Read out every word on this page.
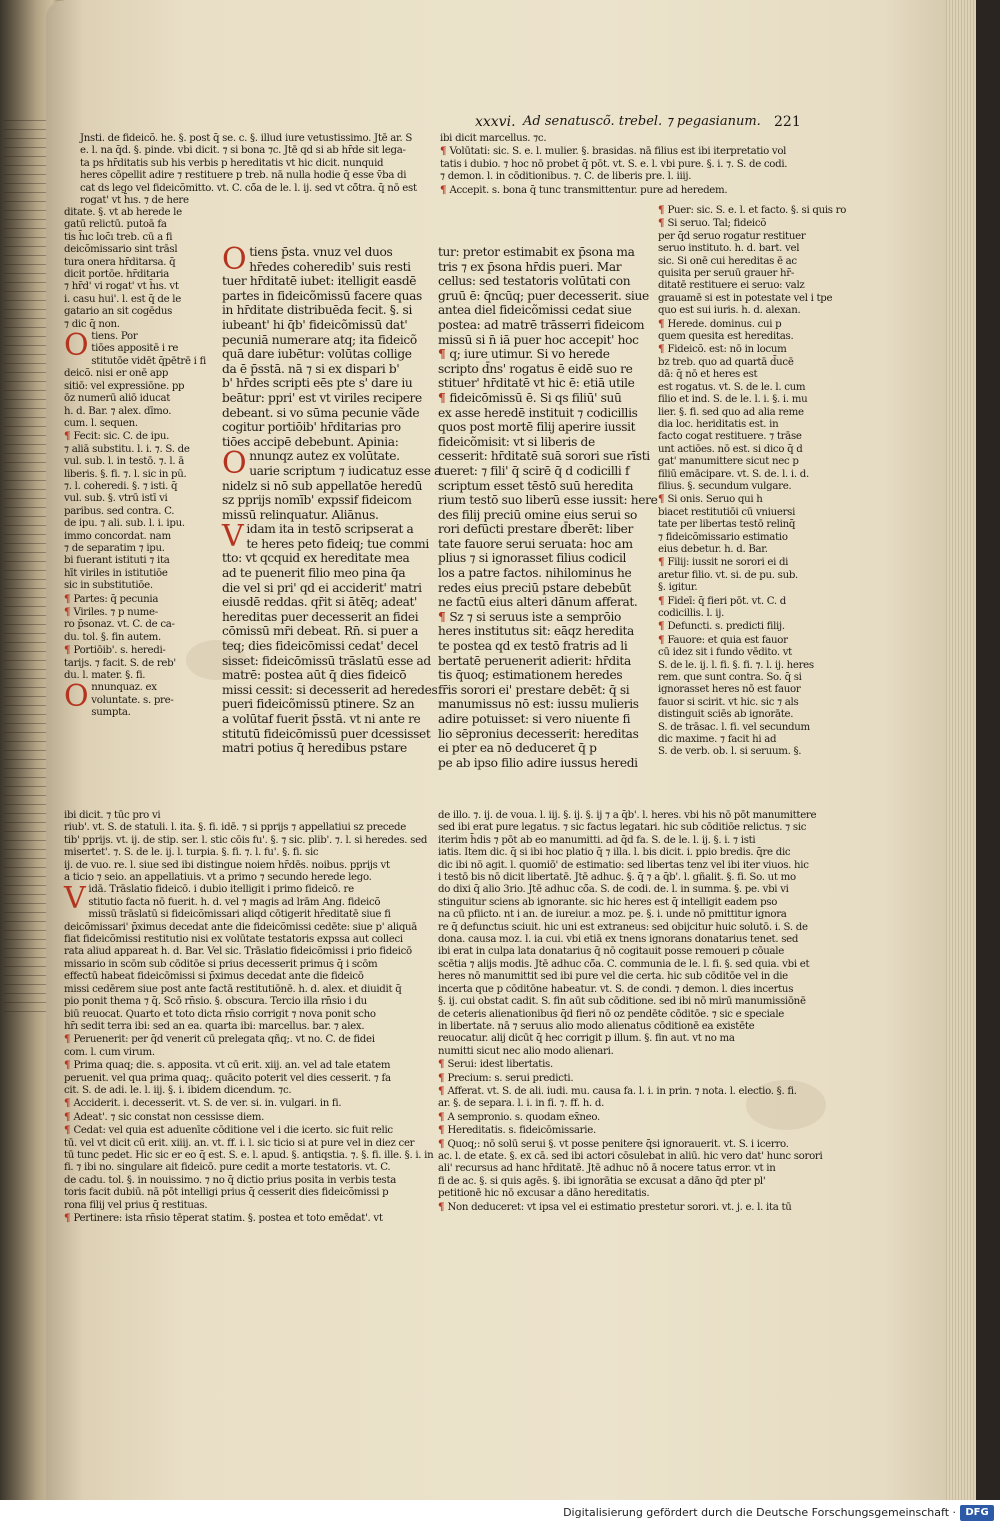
xxxvi. Ad senatuscõ. trebel. ⁊ pegasianum. 221
Jnsti. de fideicõ. he. §. post q̄ se. c. §. illud iure vetustissimo. Jtē ar. S
e. l. na q̄d. §. pinde. vbi dicit. ⁊ si bona ⁊c. Jtē qd si ab hr̄de sit lega-
ta ps hr̄ditatis sub his verbis p hereditatis vt hic dicit. nunquid
heres cōpellit adire ⁊ restituere p treb. nā nulla hodie q̄ esse v̄ba di
cat ds lego vel fideicõmitto. vt. C. cō̄a de le. l. ij. sed vt cō̄tra. q̄ nō est
rogat' vt h̄ıs. ⁊ de here
ditate. §. vt ab herede le
gatū relictū. putoā fa
tis h̄ıc loc̄ı treb. cū a fi
deicõmissario sint trāsl
tura onera hr̄ditarsa. q̄
dicit portōe. hr̄ditaria
⁊ hr̄d' vi rogat' vt h̄ıs. vt
i. casu hui'. l. est q̄ de le
gatario an sit cogēdus
⁊ dic q̄ non.
Otiens. Por
tiōes appositē i re
stitutōe vidēt q̄pētrē i fi
deicõ. nisi er onē app
sitiō: vel expressiōne. pp
ōz numerū aliō iducat
h. d. Bar. ⁊ alex. dīmo.
cum. l. sequen.
¶ Fecit: sic. C. de ipu.
⁊ aliā substitu. l. i. ⁊. S. de
vul. sub. l. in testō. ⁊. l. ā
liberis. §. fi. ⁊. l. sic in pū.
⁊. l. coheredi. §. ⁊ isti. q̄
vul. sub. §. vtrū istī vi
paribus. sed contra. C.
de ipu. ⁊ ali. sub. l. i. ipu.
immo concordat. nam
⁊ de separatim ⁊ ipu.
bi fuerant istituti ⁊ ita
hīt viriles in istitutiōe
sic in substitutiōe.
¶ Partes: q̄ pecunia
¶ Viriles. ⁊ p nume-
ro p̄sonaz. vt. C. de ca-
du. tol. §. fin autem.
¶ Portiōib'. s. heredi-
tarijs. ⁊ facit. S. de reb'
du. l. mater. §. fi.
Onnunquaz. ex
voluntate. s. pre-
sumpta.
Otiens p̄sta. vnuz vel duos
hr̄edes coheredib' suis resti
tuer hr̄ditatē iubet: itelligit easdē
partes in fideicõmissū facere quas
in hr̄ditate distribuēda fecit. §. si
iubeant' hi q̄b' fideicõmissū dat'
pecuniā numerare atq; ita fideicõ
quā dare iubētur: volūtas collige
da ē p̄sstā. nā ⁊ si ex dispari b'
b' hr̄des scripti eēs pte s' dare iu
beātur: ppri' est vt viriles recipere
debeant. si vo sūma pecunie vãde
cogitur portiōib' hr̄ditarias pro
tiōes accipē debebunt. Apinia:
Onnunqz autez ex volūtate.
uarie scriptum ⁊ iudicatuz esse a
nidelz si nō sub appellatōe heredū
sz pprijs nomīb' expssif fideicom
missū relinquatur. Aliānus.
Vidam ita in testō scripserat a
te heres peto fideiq; tue commi
tto: vt qcquid ex hereditate mea
ad te puenerit filio meo pina q̄a
die vel si pri' qd ei acciderit' matri
eiusdē reddas. qr̄it si ātēq; adeat'
hereditas puer decesserit an fidei
cōmissū mr̄i debeat. Rn̄. si puer a
teq; dies fideicōmissi cedat' decel
sisset: fideicōmissū trāslatū esse ad
matrē: postea aūt q̄ dies fideicō
missi cessit: si decesserit ad heredes
pueri fideicõmissū ptinere. Sz an
a volūtaf fuerit p̄sstā. vt ni ante re
stitutū fideicōmissū puer dcessisset
matri potius q̄ heredibus pstare
tur: pretor estimabit ex p̄sona ma
tris ⁊ ex p̄sona hr̄dis pueri. Mar
cellus: sed testatoris volūtati con
gruū ē: q̄ncūq; puer decesserit. siue
antea diel fideicõmissi cedat siue
postea: ad matrē trāsserri fideicom
missū si n̄ iā puer hoc accepit' hoc
¶ q; iure utimur. Si vo herede
scripto d̄ns' rogatus ē eidē suo re
stituer' hr̄ditatē vt hic ē: etiā utile
¶ fideicōmissū ē. Si qs filiū' suū
ex asse heredē instituit ⁊ codicillis
quos post mortē filij aperire iussit
fideicõmisit: vt si liberis de
cesserit: hr̄ditatē suā sorori sue rīsti
tueret: ⁊ fili' q̄ scirē q̄ d codicilli f
scriptum esset tēstō suū heredita
rium testō suo liberū esse iussit: here
des filij preciū omine eius serui so
rori defūcti prestare d̄berēt: liber
tate fauore serui seruata: hoc am
plius ⁊ si ignorasset filius codicil
los a patre factos. nihilominus he
redes eius preciū pstare debebūt
ne factū eius alteri dānum afferat.
¶ Sz ⁊ si seruus iste a semprōio
heres institutus sit: eāqz heredita
te postea qd ex testō fratris ad li
bertatē peruenerit adierit: hr̄dita
tis q̄uoq; estimationem heredes
fr̄is sorori ei' prestare debēt: q̄ si
manumissus nō est: iussu mulieris
adire potuisset: si vero niuente fi
lio sēpronius decesserit: hereditas
ei pter ea nō deduceret q̄ p
pe ab ipso filio adire iussus heredi
ibi dicit marcellus. ⁊c.
¶ Volūtati: sic. S. e. l. mulier. §. brasidas. nā filius est ibi iterpretatio vol
tatis i dubio. ⁊ hoc nō probet q̄ pōt. vt. S. e. l. vbi pure. §. i. ⁊. S. de codi.
⁊ demon. l. in cōditionibus. ⁊. C. de liberis pre. l. iiij.
¶ Accepit. s. bona q̄ tunc transmittentur. pure ad heredem.
¶ Puer: sic. S. e. l. et facto. §. si quis ro
¶ Si seruo. Tal; fideicõ
per q̄d seruo rogatur restituer
seruo instituto. h. d. bart. vel
sic. Si onē cui hereditas ē ac
quisita per seruū grauer hr̄-
ditatē restituere ei seruo: valz
grauamē si est in potestate vel i tpe
quo est sui iuris. h. d. alexan.
¶ Herede. dominus. cui p
quem quesita est hereditas.
¶ Fideicõ. est: nō in locum
bz treb. quo ad quartā d̄ucē
dā: q̄ nō et heres est
est rogatus. vt. S. de le. l. cum
filio et ind. S. de le. l. i. §. i. mu
lier. §. fi. sed quo ad alia reme
dia loc. heriditatis est. in
facto cogat restituere. ⁊ trāse
unt actiōes. nō est. si dico q̄ d
gat' manumittere sicut nec p
filiū emācipare. vt. S. de. l. i. d.
filius. §. secundum vulgare.
¶ Si onis. Seruo qui h
biacet restitutiōi cū vniuersi
tate per libertas testō relinq̄
⁊ fideicõmissario estimatio
eius debetur. h. d. Bar.
¶ Filij: iussit ne sorori ei di
aretur filio. vt. si. de pu. sub.
§. igitur.
¶ Fideī: q̄ fieri pōt. vt. C. d
codicillis. l. ij.
¶ Defuncti. s. predicti filij.
¶ Fauore: et quia est fauor
cū idez sit i fundo vēdito. vt
S. de le. ij. l. fi. §. fi. ⁊. l. ij. heres
rem. que sunt contra. So. q̄ si
ignorasset heres nō est fauor
fauor si scirit. vt hic. sic ⁊ als
distinguit sciēs ab ignorāte.
S. de trāsac. l. fi. vel secundum
dic maxime. ⁊ facit hi ad
S. de verb. ob. l. si seruum. §.
ibi dicit. ⁊ tūc pro vi
riub'. vt. S. de statuli. l. ita. §. fi. idē. ⁊ si pprijs ⁊ appellatiui sz precede
tib' pprijs. vt. ij. de stip. ser. l. stic cōis fu'. §. ⁊ sic. plib'. ⁊. l. si heredes. sed
misertet'. ⁊. S. de le. ij. l. turpia. §. fi. ⁊. l. fu'. §. fi. sic
ij. de vuo. re. l. siue sed ibi distingue noiem hr̄dēs. noibus. pprijs vt
a ticio ⁊ seio. an appellatiuis. vt a primo ⁊ secundo herede lego.
Vidā. Trāslatio fideicō. i dubio itelligit i primo fideicō. re
stitutio facta nō fuerit. h. d. vel ⁊ magis ad lrām Ang. fideicõ
missū trāslatū si fideicõmissari aliqd cōtigerit hr̄editatē siue fi
deicõmissari' p̄ximus decedat ante die fideicõmissi cedēte: siue p' aliquā
fiat fideicõmissi restitutio nisi ex volūtate testatoris expssa aut colleci
rata aliud appareat h. d. Bar. Vel sic. Trāslatio fideicõmissi i prio fideicō
missario in scōm sub cōditōe si prius decesserit primus q̄ i scōm
effectū habeat fideicōmissi si p̄ximus decedat ante die fideicō
missi cedērem siue post ante factā restitutiōnē. h. d. alex. et diuidit q̄
pio ponit thema ⁊ q̄. Scō rn̄sio. §. obscura. Tercio illa rn̄sio i du
biū reuocat. Quarto et toto dicta rn̄sio corrigit ⁊ nova ponit scho
hr̄ı sedit terra ibi: sed an ea. quarta ibi: marcellus. bar. ⁊ alex.
¶ Peruenerit: per q̄d venerit cū prelegata qñq;. vt no. C. de fidei
com. l. cum virum.
¶ Prima quaq; die. s. apposita. vt cū erit. xiij. an. vel ad tale etatem
peruenit. vel qua prima quaq;. quācito poterit vel dies cesserit. ⁊ fa
cit. S. de adi. le. l. iij. §. i. ibidem dicendum. ⁊c.
¶ Acciderit. i. decesserit. vt. S. de ver. si. in. vulgari. in fi.
¶ Adeat'. ⁊ sic constat non cessisse diem.
¶ Cedat: vel quia est aduenīte cōditione vel i die icerto. sic fuit relic
tū. vel vt dicit cū erit. xiiij. an. vt. ff. i. l. sic ticio si at pure vel in diez cer
tū tunc pedet. Hic sic er eo q̄ est. S. e. l. apud. §. antiqstia. ⁊. §. fi. ille. §. i. in
fi. ⁊ ibi no. singulare ait fideicō. pure cedit a morte testatoris. vt. C.
de cadu. tol. §. in nouissimo. ⁊ no q̄ dictio prius posita in verbis testa
toris facit dubiū. nā pōt intelligi prius q̄ cesserit dies fideicõmissi p
rona filij vel prius q̄ restituas.
¶ Pertinere: ista rn̄sio tēperat statim. §. postea et toto emēdat'. vt
de illo. ⁊. ij. de voua. l. iij. §. ij. §. ij ⁊ a q̄b'. l. heres. vbi his nō pōt manumittere
sed ibi erat pure legatus. ⁊ sic factus legatari. hic sub cōditiōe relictus. ⁊ sic
iterim h̄dis ⁊ pōt ab eo manumitti. ad q̄d fa. S. de le. l. ij. §. i. ⁊ isti
iatis. Item dic. q̄ si ibi hoc platio q̄ ⁊ illa. l. bis dicit. i. ppio bredis. q̄re dic
dic ibi nō agit. l. quomiō' de estimatio: sed libertas tenz vel ibi iter viuos. hic
i testō bis nō dicit libertatē. Jtē adhuc. §. q̄ ⁊ a q̄b'. l. gñalit. §. fi. So. ut mo
do dixi q̄ alio 3rio. Jtē adhuc cō̄a. S. de codi. de. l. in summa. §. pe. vbi vi
stinguitur sciens ab ignorante. sic hic heres est q̄ intelligit eadem pso
na cū pfiicto. nt i an. de iureiur. a moz. pe. §. i. unde nō pmittitur ignora
re q̄ defunctus sciuit. hic uni est extraneus: sed obijcitur huic solutō. i. S. de
dona. causa moz. l. ia cui. vbi etiā ex tnens ignorans donatarius tenet. sed
ibi erat in culpa lata donatarius q̄ nō cogitauit posse remoueri p cōuale
scētia ⁊ alijs modis. Jtē adhuc cō̄a. C. communia de le. l. fi. §. sed quia. vbi et
heres nō manumittit sed ibi pure vel die certa. hic sub cōditōe vel in die
incerta que p cōditōne habeatur. vt. S. de condi. ⁊ demon. l. dies incertus
§. ij. cui obstat cadit. S. fin aūt sub cōditione. sed ibi nō mirū manumissiōnē
de ceteris alienationibus q̄d fieri nō oz pendēte cōditōe. ⁊ sic e speciale
in libertate. nā ⁊ seruus alio modo alienatus cōditionē ea existēte
reuocatur. alij dicūt q̄ hec corrigit p illum. §. fin aut. vt no ma
numitti sicut nec alio modo alienari.
¶ Serui: idest libertatis.
¶ Precium: s. serui predicti.
¶ Afferat. vt. S. de ali. iudi. mu. causa fa. l. i. in prin. ⁊ nota. l. electio. §. fi.
ar. §. de separa. l. i. in fi. ⁊. ff. h. d.
¶ A sempronio. s. quodam ex̄neo.
¶ Hereditatis. s. fideicōmissarie.
¶ Quoq;: nō solū serui §. vt posse penitere q̄si ignorauerit. vt. S. i icerro.
ac. l. de etate. §. ex cā. sed ibi actori cōsulebat in aliū. hic vero dat' hunc sorori
ali' recursus ad hanc hr̄ditatē. Jtē adhuc nō ā nocere tatus error. vt in
fi de ac. §. si quis agēs. §. ibi ignorātia se excusat a dāno q̄d pter pl'
petitionē hic nō excusar a dāno hereditatis.
¶ Non deduceret: vt ipsa vel ei estimatio prestetur sorori. vt. j. e. l. ita tū
Digitalisierung gefördert durch die Deutsche Forschungsgemeinschaft · DFG
